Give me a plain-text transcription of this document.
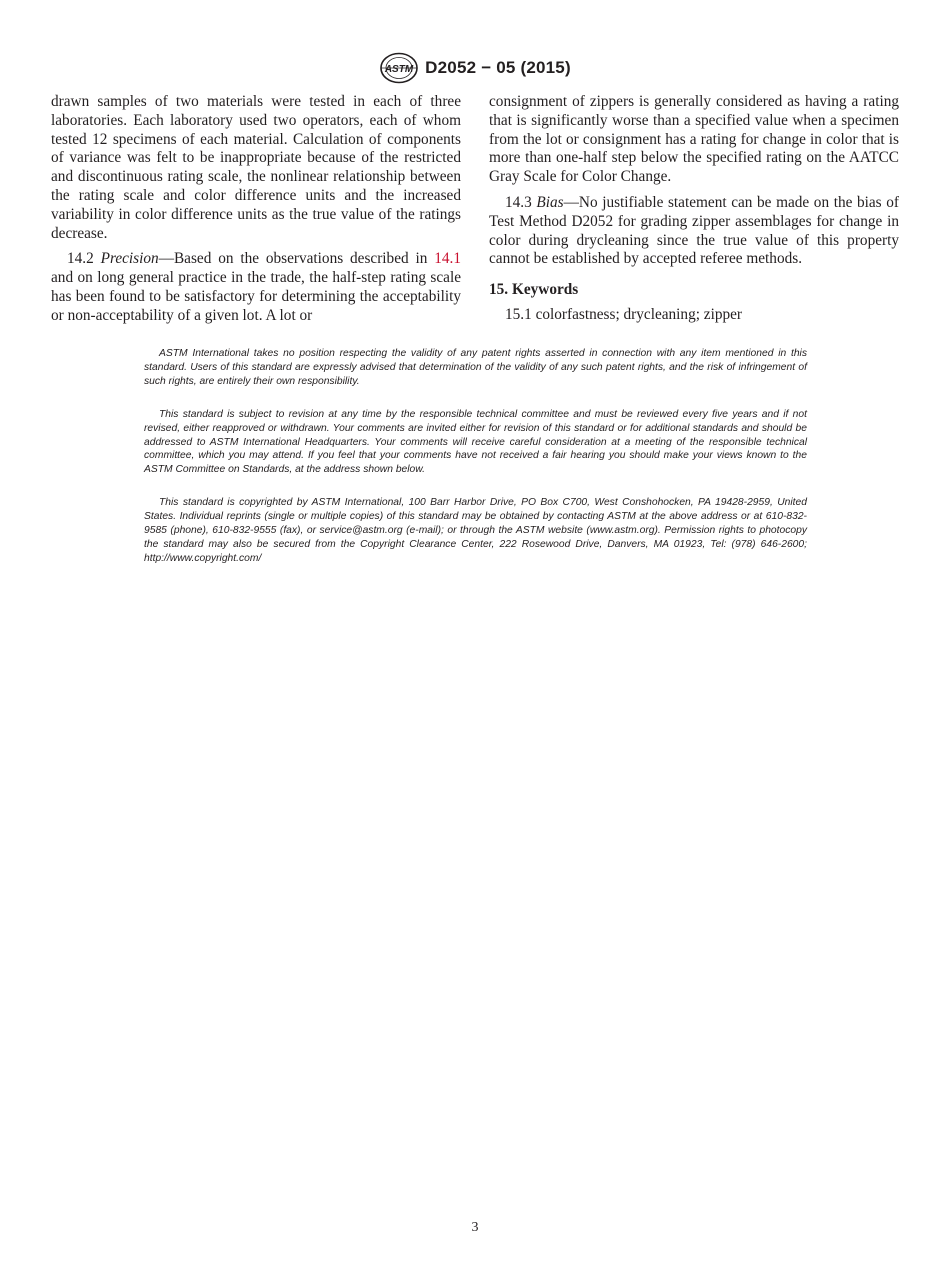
ASTM D2052 − 05 (2015)

drawn samples of two materials were tested in each of three laboratories. Each laboratory used two operators, each of whom tested 12 specimens of each material. Calculation of components of variance was felt to be inappropriate because of the restricted and discontinuous rating scale, the nonlinear relationship between the rating scale and color difference units and the increased variability in color difference units as the true value of the ratings decrease.

14.2 Precision—Based on the observations described in 14.1 and on long general practice in the trade, the half-step rating scale has been found to be satisfactory for determining the acceptability or non-acceptability of a given lot. A lot or

consignment of zippers is generally considered as having a rating that is significantly worse than a specified value when a specimen from the lot or consignment has a rating for change in color that is more than one-half step below the specified rating on the AATCC Gray Scale for Color Change.

14.3 Bias—No justifiable statement can be made on the bias of Test Method D2052 for grading zipper assemblages for change in color during drycleaning since the true value of this property cannot be established by accepted referee methods.

15. Keywords

15.1 colorfastness; drycleaning; zipper

ASTM International takes no position respecting the validity of any patent rights asserted in connection with any item mentioned in this standard. Users of this standard are expressly advised that determination of the validity of any such patent rights, and the risk of infringement of such rights, are entirely their own responsibility.

This standard is subject to revision at any time by the responsible technical committee and must be reviewed every five years and if not revised, either reapproved or withdrawn. Your comments are invited either for revision of this standard or for additional standards and should be addressed to ASTM International Headquarters. Your comments will receive careful consideration at a meeting of the responsible technical committee, which you may attend. If you feel that your comments have not received a fair hearing you should make your views known to the ASTM Committee on Standards, at the address shown below.

This standard is copyrighted by ASTM International, 100 Barr Harbor Drive, PO Box C700, West Conshohocken, PA 19428-2959, United States. Individual reprints (single or multiple copies) of this standard may be obtained by contacting ASTM at the above address or at 610-832-9585 (phone), 610-832-9555 (fax), or service@astm.org (e-mail); or through the ASTM website (www.astm.org). Permission rights to photocopy the standard may also be secured from the Copyright Clearance Center, 222 Rosewood Drive, Danvers, MA 01923, Tel: (978) 646-2600; http://www.copyright.com/

3
